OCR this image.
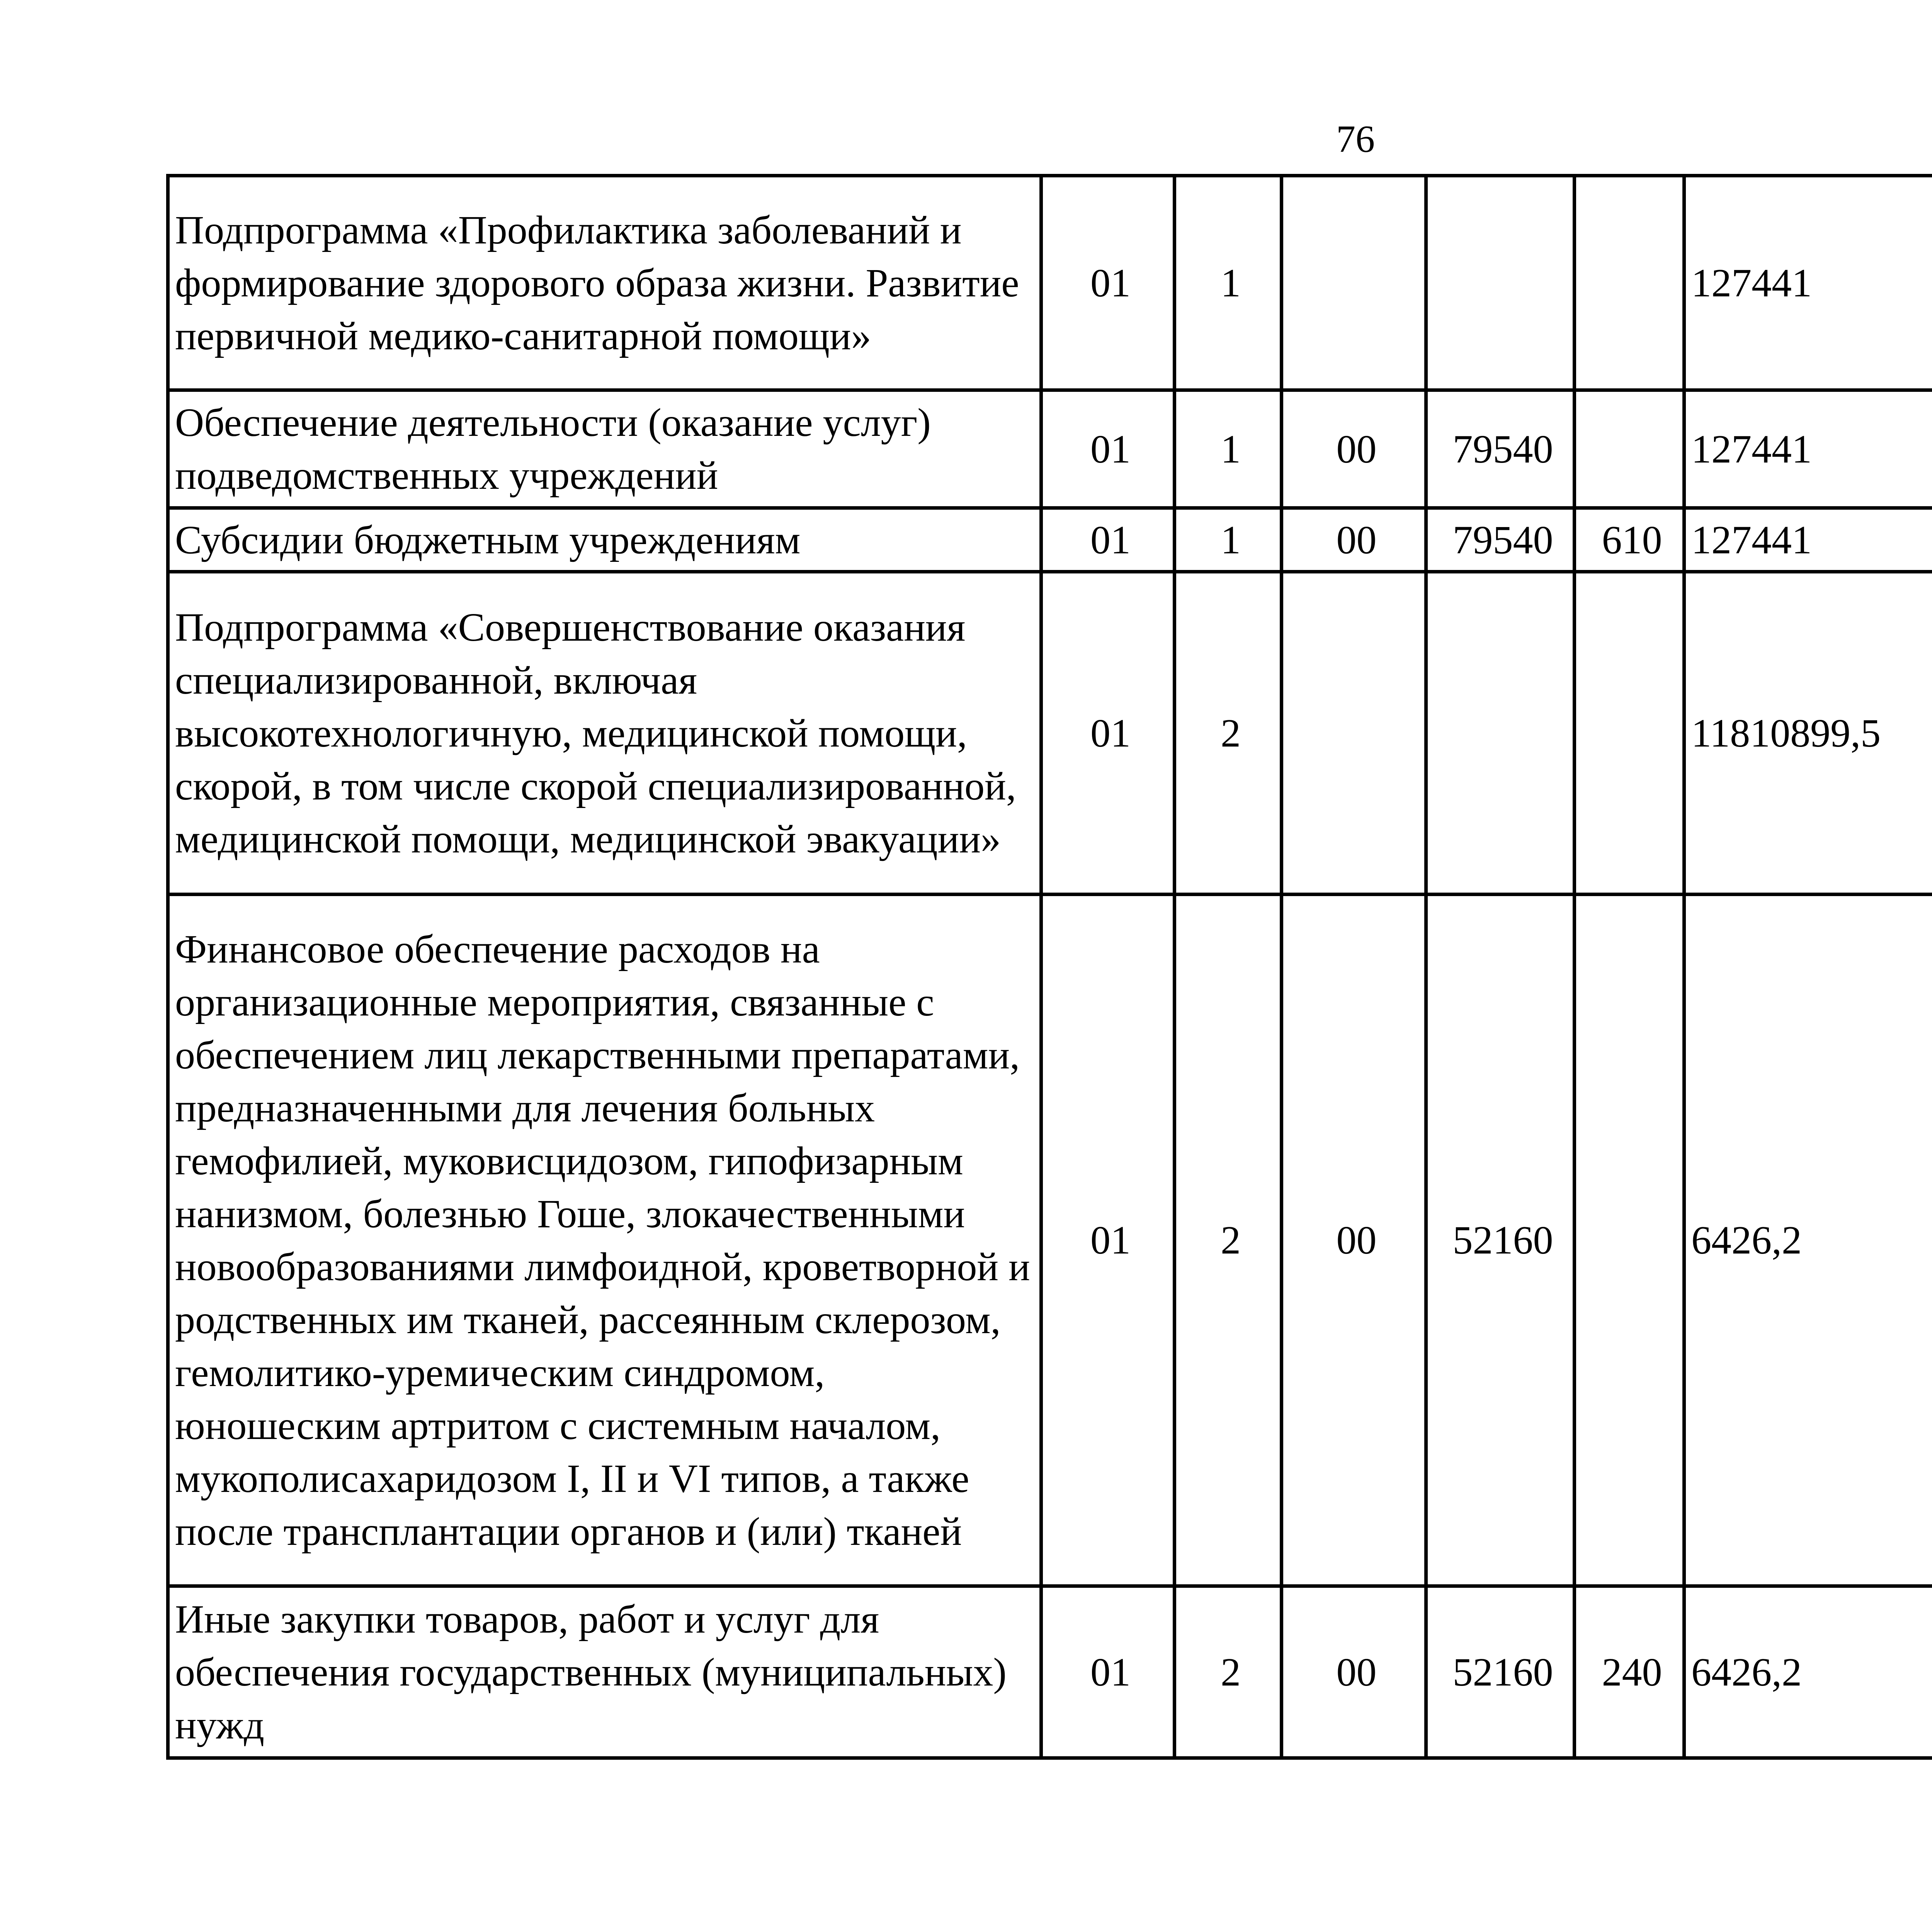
76
Подпрограмма «Профилактика заболеваний и формирование здорового образа жизни. Развитие первичной медико-санитарной помощи»	01	1				127441		
Обеспечение деятельности (оказание услуг) подведомственных учреждений	01	1	00	79540		127441		
Субсидии бюджетным учреждениям	01	1	00	79540	610	127441		
Подпрограмма «Совершенствование оказания специализированной, включая высокотехнологичную, медицинской помощи, скорой, в том числе скорой специализированной, медицинской помощи, медицинской эвакуации»	01	2				11810899,5		
Финансовое обеспечение расходов на организационные мероприятия, связанные с обеспечением лиц лекарственными препаратами, предназначенными для лечения больных гемофилией, муковисцидозом, гипофизарным нанизмом, болезнью Гоше, злокачественными новообразованиями лимфоидной, кроветворной и родственных им тканей, рассеянным склерозом, гемолитико-уремическим синдромом, юношеским артритом с системным началом, мукополисахаридозом I, II и VI типов, а также после трансплантации органов и (или) тканей	01	2	00	52160		6426,2		
Иные закупки товаров, работ и услуг для обеспечения государственных (муниципальных) нужд	01	2	00	52160	240	6426,2		
